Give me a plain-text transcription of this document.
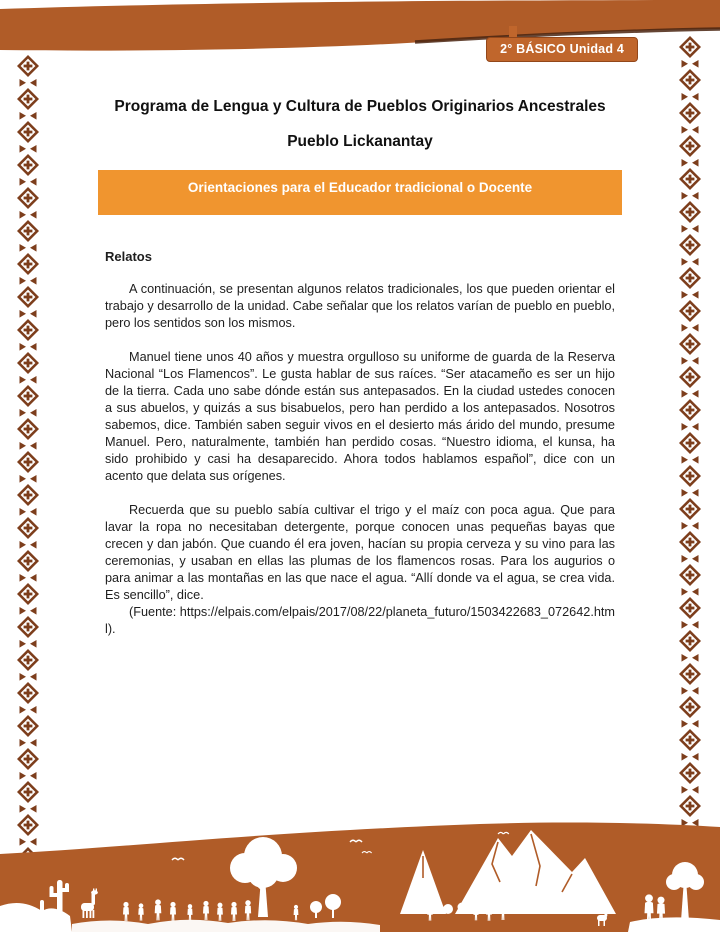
2° BÁSICO Unidad 4
Programa de Lengua y Cultura de Pueblos Originarios Ancestrales
Pueblo Lickanantay
Orientaciones para el Educador tradicional o Docente
Relatos

A continuación, se presentan algunos relatos tradicionales, los que pueden orientar el trabajo y desarrollo de la unidad. Cabe señalar que los relatos varían de pueblo en pueblo, pero los sentidos son los mismos.

Manuel tiene unos 40 años y muestra orgulloso su uniforme de guarda de la Reserva Nacional “Los Flamencos”. Le gusta hablar de sus raíces. “Ser atacameño es ser un hijo de la tierra. Cada uno sabe dónde están sus antepasados. En la ciudad ustedes conocen a sus abuelos, y quizás a sus bisabuelos, pero han perdido a los antepasados. Nosotros sabemos, dice. También saben seguir vivos en el desierto más árido del mundo, presume Manuel. Pero, naturalmente, también han perdido cosas. “Nuestro idioma, el kunsa, ha sido prohibido y casi ha desaparecido. Ahora todos hablamos español”, dice con un acento que delata sus orígenes.

Recuerda que su pueblo sabía cultivar el trigo y el maíz con poca agua. Que para lavar la ropa no necesitaban detergente, porque conocen unas pequeñas bayas que crecen y dan jabón. Que cuando él era joven, hacían su propia cerveza y su vino para las ceremonias, y usaban en ellas las plumas de los flamencos rosas. Para los augurios o para animar a las montañas en las que nace el agua. “Allí donde va el agua, se crea vida. Es sencillo”, dice.

(Fuente: https://elpais.com/elpais/2017/08/22/planeta_futuro/1503422683_072642.html).
